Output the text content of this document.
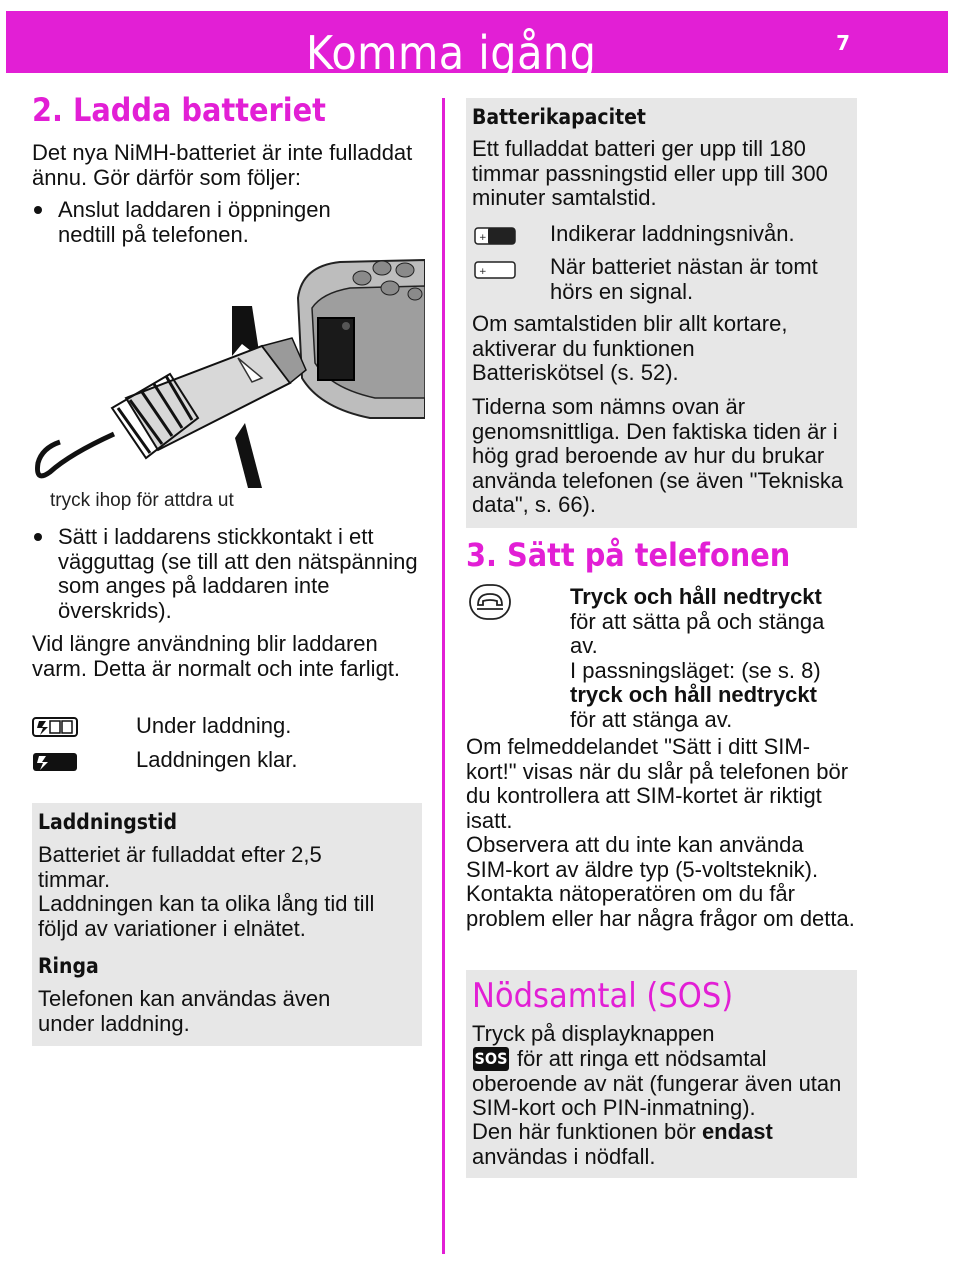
Komma igång	7
2. Ladda batteriet
Det nya NiMH-batteriet är inte fulladdat ännu. Gör därför som följer:
Anslut laddaren i öppningen nedtill på telefonen.
tryck ihop för attdra ut
Sätt i laddarens stickkontakt i ett vägguttag (se till att den nätspänning som anges på laddaren inte överskrids).
Vid längre användning blir laddaren varm. Detta är normalt och inte farligt.
Under laddning.
Laddningen klar.
Laddningstid
Batteriet är fulladdat efter 2,5 timmar.
Laddningen kan ta olika lång tid till följd av variationer i elnätet.
Ringa
Telefonen kan användas även under laddning.
Batterikapacitet
Ett fulladdat batteri ger upp till 180 timmar passningstid eller upp till 300 minuter samtalstid.
+	Indikerar laddningsnivån.
+	När batteriet nästan är tomt hörs en signal.
Om samtalstiden blir allt kortare, aktiverar du funktionen Batteriskötsel (s. 52).
Tiderna som nämns ovan är genomsnittliga. Den faktiska tiden är i hög grad beroende av hur du brukar använda telefonen (se även "Tekniska data", s. 66).
3. Sätt på telefonen
Tryck och håll nedtryckt
för att sätta på och stänga av.
I passningsläget: (se s. 8)
tryck och håll nedtryckt
för att stänga av.
Om felmeddelandet "Sätt i ditt SIM-kort!" visas när du slår på telefonen bör du kontrollera att SIM-kortet är riktigt isatt.
Observera att du inte kan använda SIM-kort av äldre typ (5-voltsteknik). Kontakta nätoperatören om du får problem eller har några frågor om detta.
Nödsamtal (SOS)
Tryck på displayknappen
SOS för att ringa ett nödsamtal oberoende av nät (fungerar även utan SIM-kort och PIN-inmatning).
Den här funktionen bör endast
användas i nödfall.
